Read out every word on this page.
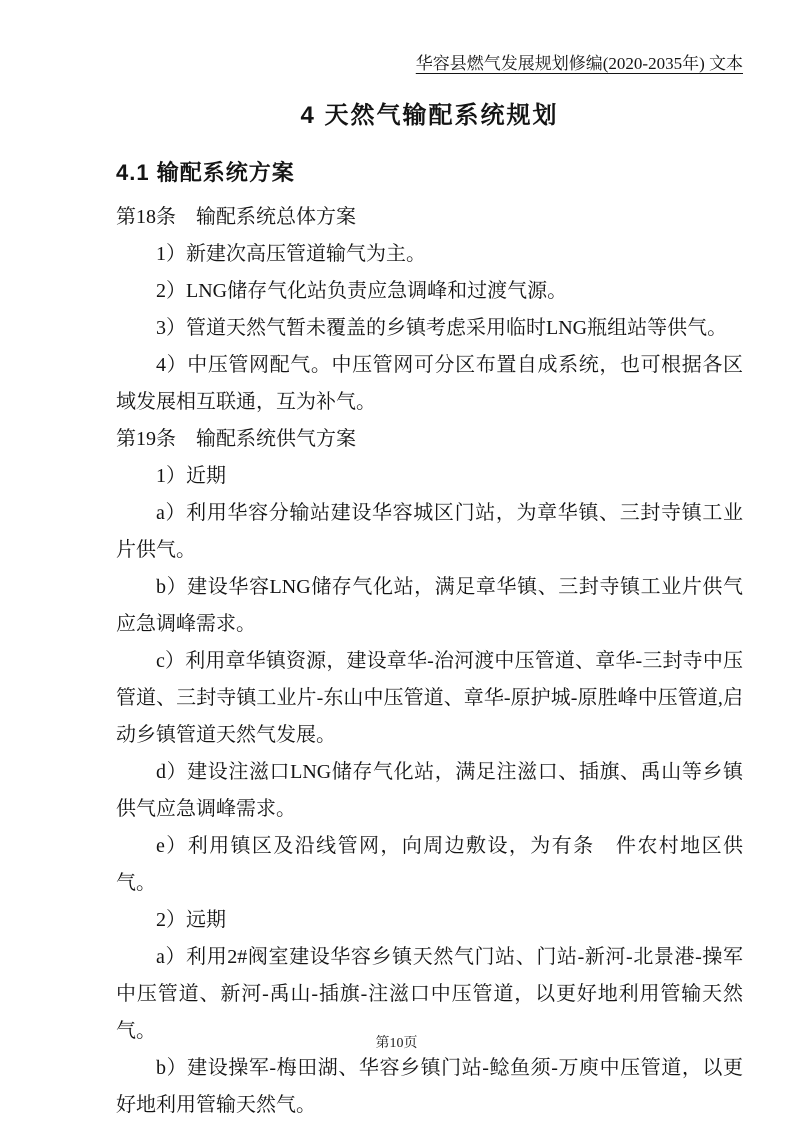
华容县燃气发展规划修编(2020-2035年) 文本
4 天然气输配系统规划
4.1 输配系统方案

第18条　输配系统总体方案

1）新建次高压管道输气为主。

2）LNG储存气化站负责应急调峰和过渡气源。

3）管道天然气暂未覆盖的乡镇考虑采用临时LNG瓶组站等供气。

4）中压管网配气。中压管网可分区布置自成系统，也可根据各区域发展相互联通，互为补气。

第19条　输配系统供气方案

1）近期

a）利用华容分输站建设华容城区门站，为章华镇、三封寺镇工业片供气。

b）建设华容LNG储存气化站，满足章华镇、三封寺镇工业片供气应急调峰需求。

c）利用章华镇资源，建设章华-治河渡中压管道、章华-三封寺中压管道、三封寺镇工业片-东山中压管道、章华-原护城-原胜峰中压管道,启动乡镇管道天然气发展。

d）建设注滋口LNG储存气化站，满足注滋口、插旗、禹山等乡镇供气应急调峰需求。

e）利用镇区及沿线管网，向周边敷设，为有条　件农村地区供气。

2）远期

a）利用2#阀室建设华容乡镇天然气门站、门站-新河-北景港-操军中压管道、新河-禹山-插旗-注滋口中压管道，以更好地利用管输天然气。

b）建设操军-梅田湖、华容乡镇门站-鲶鱼须-万庾中压管道，以更好地利用管输天然气。

第10页
